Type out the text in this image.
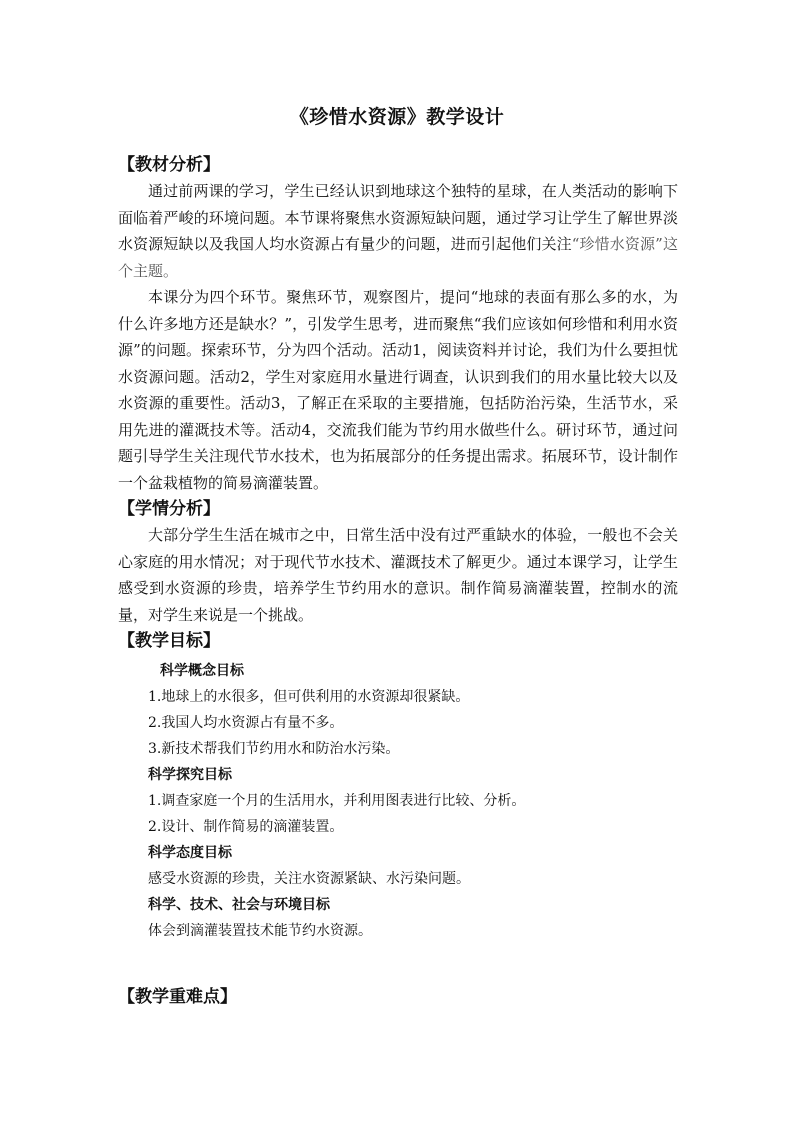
《珍惜水资源》教学设计

【教材分析】

通过前两课的学习，学生已经认识到地球这个独特的星球，在人类活动的影响下面临着严峻的环境问题。本节课将聚焦水资源短缺问题，通过学习让学生了解世界淡水资源短缺以及我国人均水资源占有量少的问题，进而引起他们关注“珍惜水资源”这个主题。

本课分为四个环节。聚焦环节，观察图片，提问“地球的表面有那么多的水，为什么许多地方还是缺水？”，引发学生思考，进而聚焦“我们应该如何珍惜和利用水资源”的问题。探索环节，分为四个活动。活动1，阅读资料并讨论，我们为什么要担忧水资源问题。活动2，学生对家庭用水量进行调查，认识到我们的用水量比较大以及水资源的重要性。活动3，了解正在采取的主要措施，包括防治污染，生活节水，采用先进的灌溉技术等。活动4，交流我们能为节约用水做些什么。研讨环节，通过问题引导学生关注现代节水技术，也为拓展部分的任务提出需求。拓展环节，设计制作一个盆栽植物的简易滴灌装置。

【学情分析】

大部分学生生活在城市之中，日常生活中没有过严重缺水的体验，一般也不会关心家庭的用水情况；对于现代节水技术、灌溉技术了解更少。通过本课学习，让学生感受到水资源的珍贵，培养学生节约用水的意识。制作简易滴灌装置，控制水的流量，对学生来说是一个挑战。

【教学目标】

科学概念目标

1.地球上的水很多，但可供利用的水资源却很紧缺。

2.我国人均水资源占有量不多。

3.新技术帮我们节约用水和防治水污染。

科学探究目标

1.调查家庭一个月的生活用水，并利用图表进行比较、分析。

2.设计、制作简易的滴灌装置。

科学态度目标

感受水资源的珍贵，关注水资源紧缺、水污染问题。

科学、技术、社会与环境目标

体会到滴灌装置技术能节约水资源。

【教学重难点】
